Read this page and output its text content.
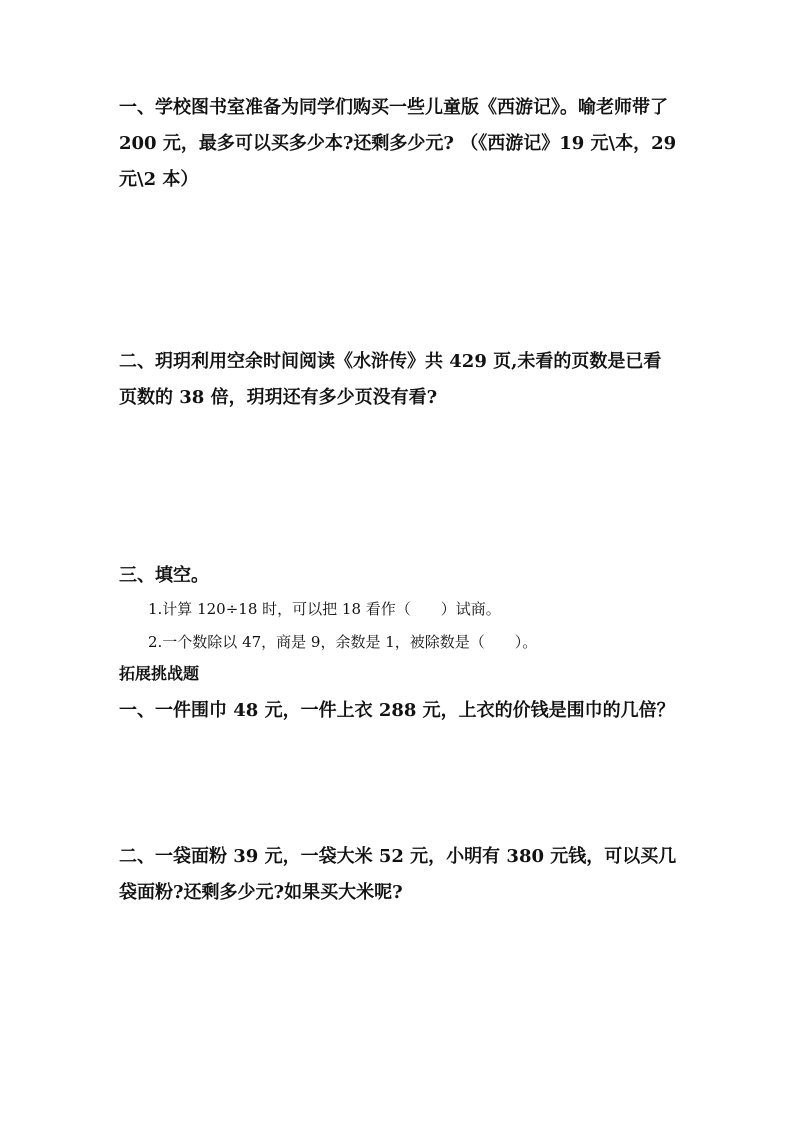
一、学校图书室准备为同学们购买一些儿童版《西游记》。喻老师带了 200 元，最多可以买多少本?还剩多少元? （《西游记》19 元\本，29 元\2 本）
二、玥玥利用空余时间阅读《水浒传》共 429 页,未看的页数是已看页数的 38 倍，玥玥还有多少页没有看?
三、填空。
1.计算 120÷18 时，可以把 18 看作（　　）试商。
2.一个数除以 47，商是 9，余数是 1，被除数是（　　）。
拓展挑战题
一、一件围巾 48 元，一件上衣 288 元，上衣的价钱是围巾的几倍？
二、一袋面粉 39 元，一袋大米 52 元，小明有 380 元钱，可以买几袋面粉?还剩多少元?如果买大米呢?
